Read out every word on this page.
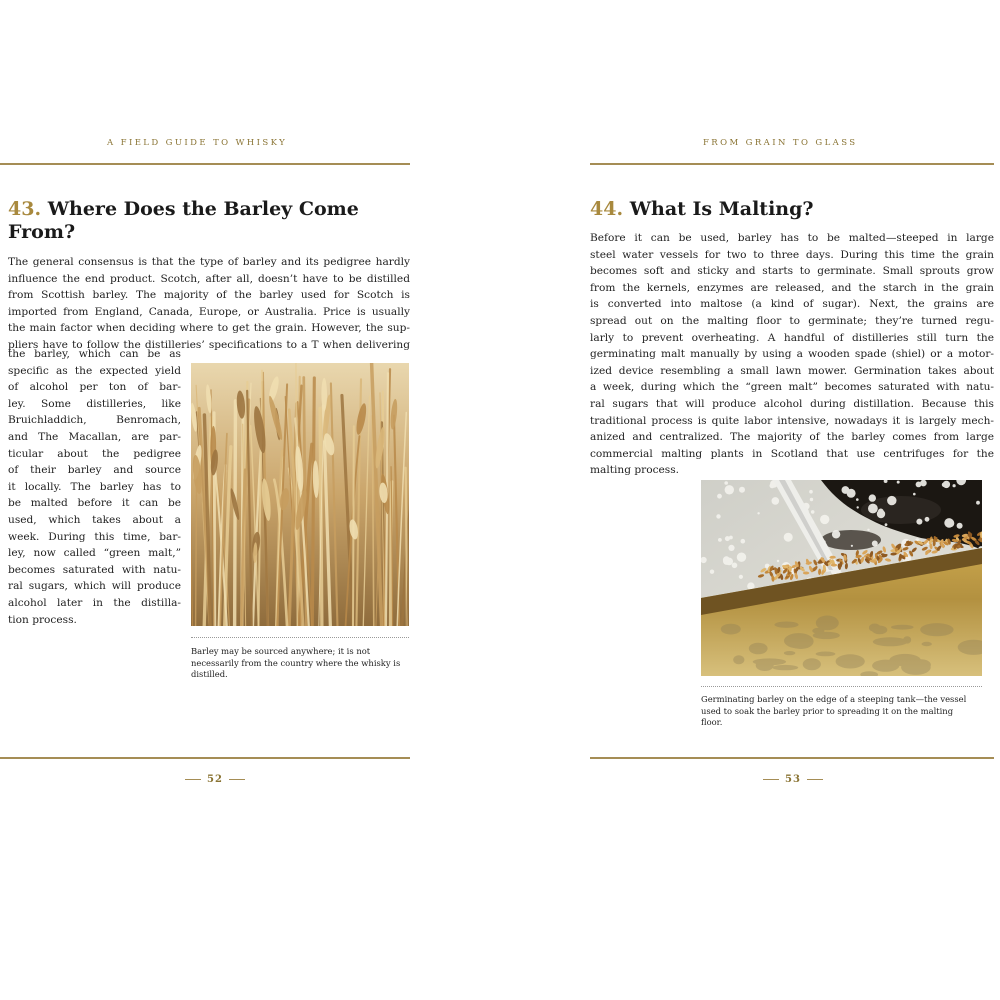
A FIELD GUIDE TO WHISKY
43. Where Does the Barley Come From?
The general consensus is that the type of barley and its pedigree hardly
influence the end product. Scotch, after all, doesn’t have to be distilled
from Scottish barley. The majority of the barley used for Scotch is
imported from England, Canada, Europe, or Australia. Price is usually
the main factor when deciding where to get the grain. However, the sup-
pliers have to follow the distilleries’ specifications to a T when delivering
the barley, which can be as
specific as the expected yield
of alcohol per ton of bar-
ley. Some distilleries, like
Bruichladdich, Benromach,
and The Macallan, are par-
ticular about the pedigree
of their barley and source
it locally. The barley has to
be malted before it can be
used, which takes about a
week. During this time, bar-
ley, now called “green malt,”
becomes saturated with natu-
ral sugars, which will produce
alcohol later in the distilla-
tion process.

Barley may be sourced anywhere; it is not necessarily from the country where the whisky is distilled.

52
FROM GRAIN TO GLASS
44. What Is Malting?
Before it can be used, barley has to be malted—steeped in large
steel water vessels for two to three days. During this time the grain
becomes soft and sticky and starts to germinate. Small sprouts grow
from the kernels, enzymes are released, and the starch in the grain
is converted into maltose (a kind of sugar). Next, the grains are
spread out on the malting floor to germinate; they’re turned regu-
larly to prevent overheating. A handful of distilleries still turn the
germinating malt manually by using a wooden spade (shiel) or a motor-
ized device resembling a small lawn mower. Germination takes about
a week, during which the “green malt” becomes saturated with natu-
ral sugars that will produce alcohol during distillation. Because this
traditional process is quite labor intensive, nowadays it is largely mech-
anized and centralized. The majority of the barley comes from large
commercial malting plants in Scotland that use centrifuges for the
malting process.

Germinating barley on the edge of a steeping tank—the vessel used to soak the barley prior to spreading it on the malting floor.

53
